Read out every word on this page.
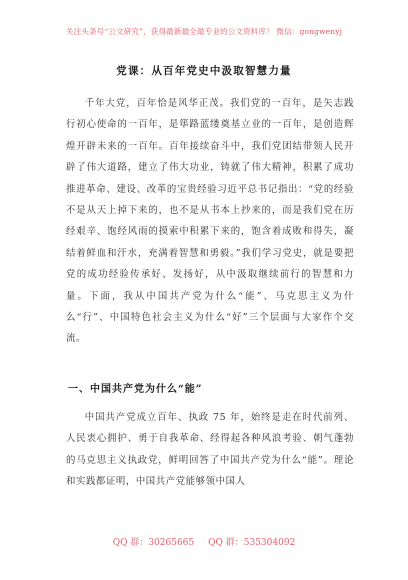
关注头条号“公文研究”，获得最新最全最专业的公文资料库！ 微信：gongwenyj
党课：从百年党史中汲取智慧力量

千年大党，百年恰是风华正茂。我们党的一百年，是矢志践行初心使命的一百年，是筚路蓝缕奠基立业的一百年，是创造辉煌开辟未来的一百年。百年接续奋斗中，我们党团结带领人民开辟了伟大道路，建立了伟大功业，铸就了伟大精神，积累了成功推进革命、建设、改革的宝贵经验习近平总书记指出：“党的经验不是从天上掉下来的，也不是从书本上抄来的，而是我们党在历经艰辛、饱经风雨的摸索中积累下来的，饱含着成败和得失，凝结着鲜血和汗水，充满着智慧和勇毅。”我们学习党史，就是要把党的成功经验传承好、发扬好，从中汲取继续前行的智慧和力量。下面，我从中国共产党为什么“能”、马克思主义为什么“行”、中国特色社会主义为什么“好”三个层面与大家作个交流。

一、中国共产党为什么“能”

中国共产党成立百年、执政 75 年，始终是走在时代前列、人民衷心拥护、勇于自我革命、经得起各种风浪考验、朝气蓬勃的马克思主义执政党，鲜明回答了中国共产党为什么“能”。理论和实践都证明，中国共产党能够领中国人

QQ 群：30265665 QQ 群：535304092
